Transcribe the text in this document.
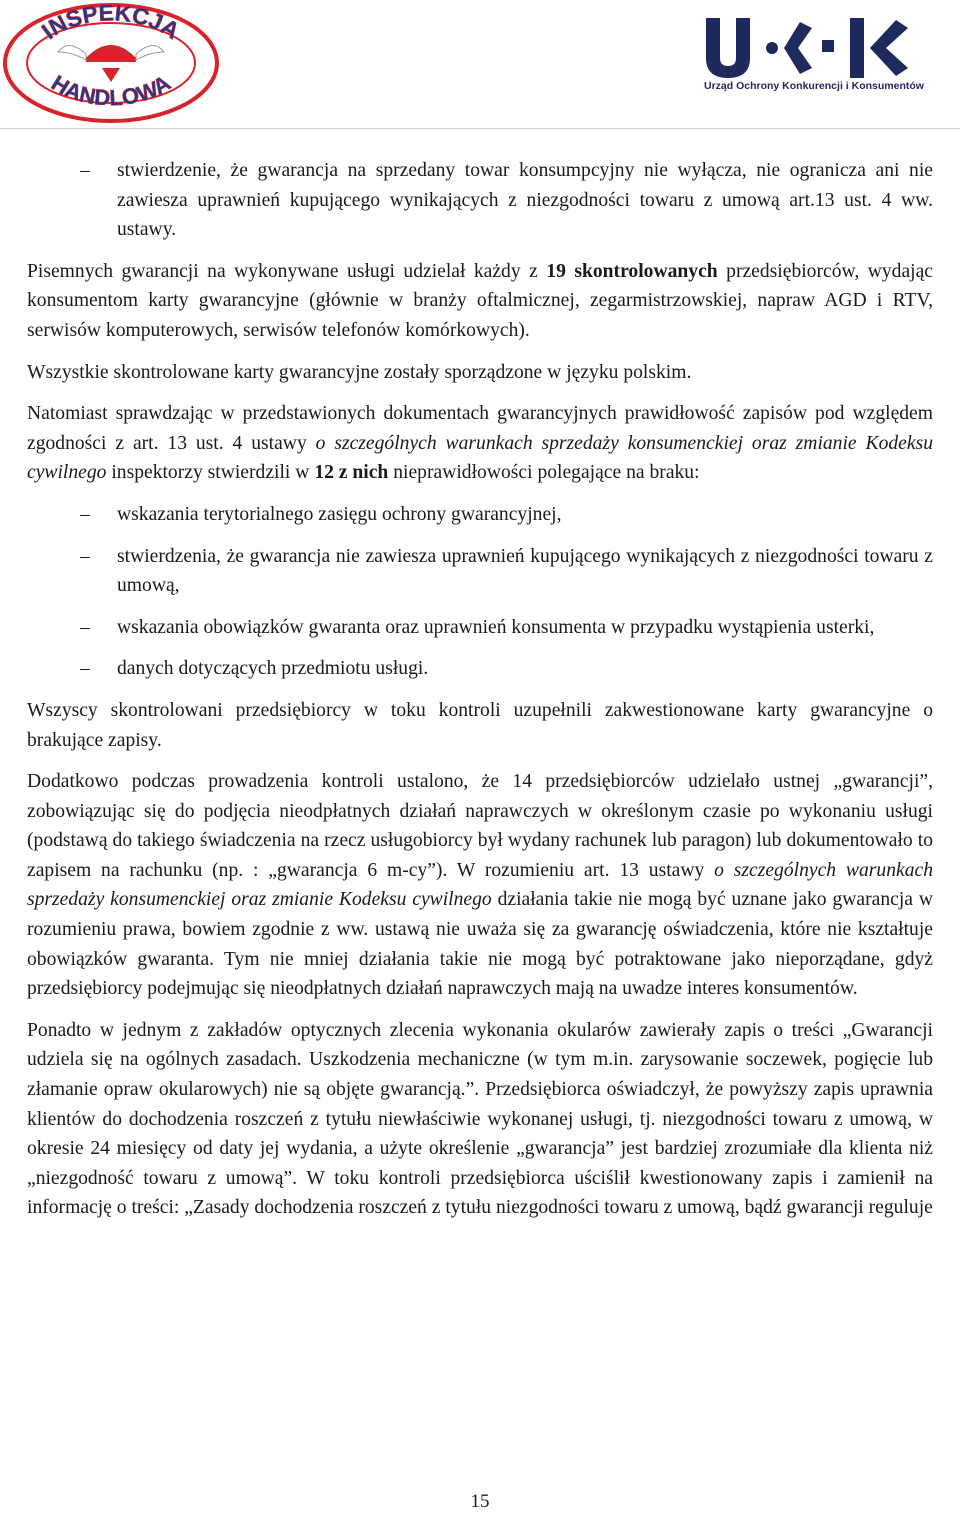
INSPEKCJA
HANDLOWA	Urząd Ochrony Konkurencji i Konsumentów
– stwierdzenie, że gwarancja na sprzedany towar konsumpcyjny nie wyłącza, nie ogranicza ani nie zawiesza uprawnień kupującego wynikających z niezgodności towaru z umową art.13 ust. 4 ww. ustawy.

Pisemnych gwarancji na wykonywane usługi udzielał każdy z 19 skontrolowanych przedsiębiorców, wydając konsumentom karty gwarancyjne (głównie w branży oftalmicznej, zegarmistrzowskiej, napraw AGD i RTV, serwisów komputerowych, serwisów telefonów komórkowych).

Wszystkie skontrolowane karty gwarancyjne zostały sporządzone w języku polskim.

Natomiast sprawdzając w przedstawionych dokumentach gwarancyjnych prawidłowość zapisów pod względem zgodności z art. 13 ust. 4 ustawy o szczególnych warunkach sprzedaży konsumenckiej oraz zmianie Kodeksu cywilnego inspektorzy stwierdzili w 12 z nich nieprawidłowości polegające na braku:

– wskazania terytorialnego zasięgu ochrony gwarancyjnej,
– stwierdzenia, że gwarancja nie zawiesza uprawnień kupującego wynikających z niezgodności towaru z umową,
– wskazania obowiązków gwaranta oraz uprawnień konsumenta w przypadku wystąpienia usterki,
– danych dotyczących przedmiotu usługi.

Wszyscy skontrolowani przedsiębiorcy w toku kontroli uzupełnili zakwestionowane karty gwarancyjne o brakujące zapisy.

Dodatkowo podczas prowadzenia kontroli ustalono, że 14 przedsiębiorców udzielało ustnej „gwarancji”, zobowiązując się do podjęcia nieodpłatnych działań naprawczych w określonym czasie po wykonaniu usługi (podstawą do takiego świadczenia na rzecz usługobiorcy był wydany rachunek lub paragon) lub dokumentowało to zapisem na rachunku (np. : „gwarancja 6 m-cy”). W rozumieniu art. 13 ustawy o szczególnych warunkach sprzedaży konsumenckiej oraz zmianie Kodeksu cywilnego działania takie nie mogą być uznane jako gwarancja w rozumieniu prawa, bowiem zgodnie z ww. ustawą nie uważa się za gwarancję oświadczenia, które nie kształtuje obowiązków gwaranta. Tym nie mniej działania takie nie mogą być potraktowane jako nieporządane, gdyż przedsiębiorcy podejmując się nieodpłatnych działań naprawczych mają na uwadze interes konsumentów.

Ponadto w jednym z zakładów optycznych zlecenia wykonania okularów zawierały zapis o treści „Gwarancji udziela się na ogólnych zasadach. Uszkodzenia mechaniczne (w tym m.in. zarysowanie soczewek, pogięcie lub złamanie opraw okularowych) nie są objęte gwarancją.”. Przedsiębiorca oświadczył, że powyższy zapis uprawnia klientów do dochodzenia roszczeń z tytułu niewłaściwie wykonanej usługi, tj. niezgodności towaru z umową, w okresie 24 miesięcy od daty jej wydania, a użyte określenie „gwarancja” jest bardziej zrozumiałe dla klienta niż „niezgodność towaru z umową”. W toku kontroli przedsiębiorca uściślił kwestionowany zapis i zamienił na informację o treści: „Zasady dochodzenia roszczeń z tytułu niezgodności towaru z umową, bądź gwarancji reguluje

15
